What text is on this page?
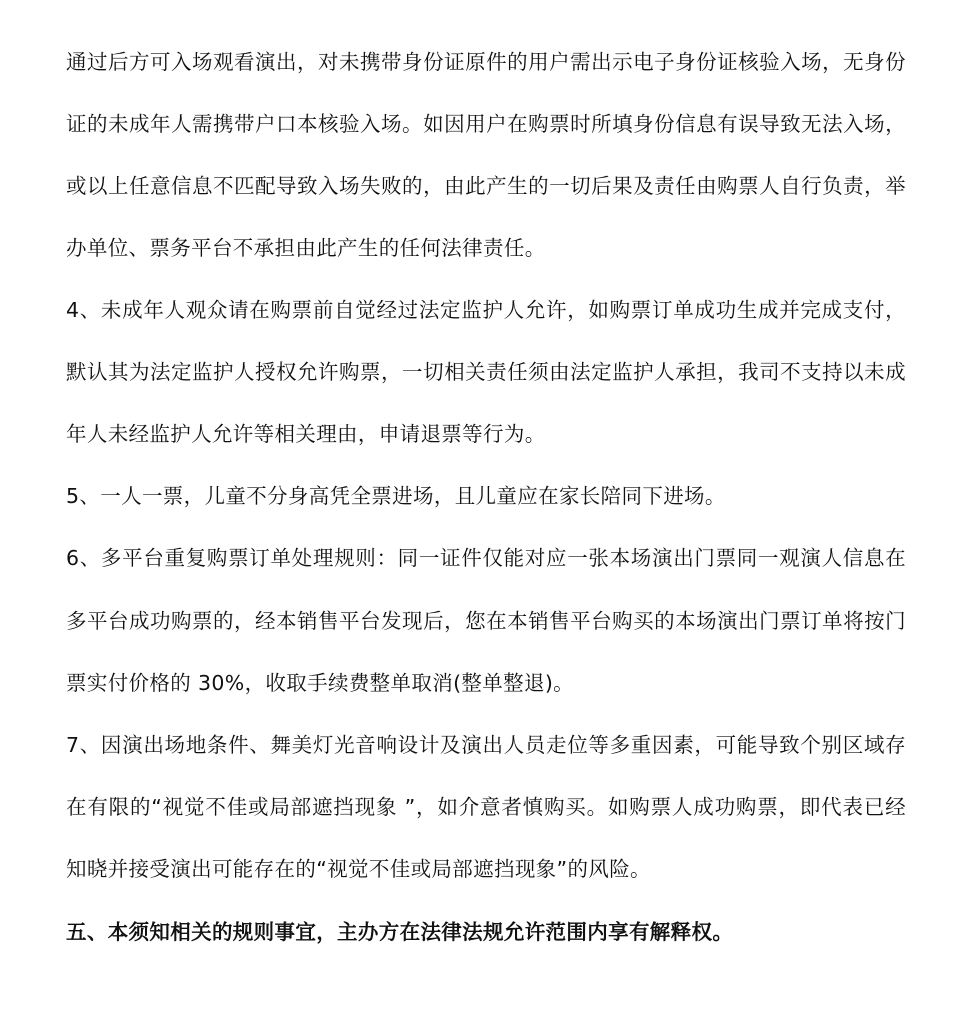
通过后方可入场观看演出，对未携带身份证原件的用户需出示电子身份证核验入场，无身份
证的未成年人需携带户口本核验入场。如因用户在购票时所填身份信息有误导致无法入场，
或以上任意信息不匹配导致入场失败的，由此产生的一切后果及责任由购票人自行负责，举
办单位、票务平台不承担由此产生的任何法律责任。
4、未成年人观众请在购票前自觉经过法定监护人允许，如购票订单成功生成并完成支付，
默认其为法定监护人授权允许购票，一切相关责任须由法定监护人承担，我司不支持以未成
年人未经监护人允许等相关理由，申请退票等行为。
5、一人一票，儿童不分身高凭全票进场，且儿童应在家长陪同下进场。
6、多平台重复购票订单处理规则：同一证件仅能对应一张本场演出门票同一观演人信息在
多平台成功购票的，经本销售平台发现后，您在本销售平台购买的本场演出门票订单将按门
票实付价格的 30%，收取手续费整单取消(整单整退)。
7、因演出场地条件、舞美灯光音响设计及演出人员走位等多重因素，可能导致个别区域存
在有限的“视觉不佳或局部遮挡现象 ”，如介意者慎购买。如购票人成功购票，即代表已经
知晓并接受演出可能存在的“视觉不佳或局部遮挡现象”的风险。
五、本须知相关的规则事宜，主办方在法律法规允许范围内享有解释权。
